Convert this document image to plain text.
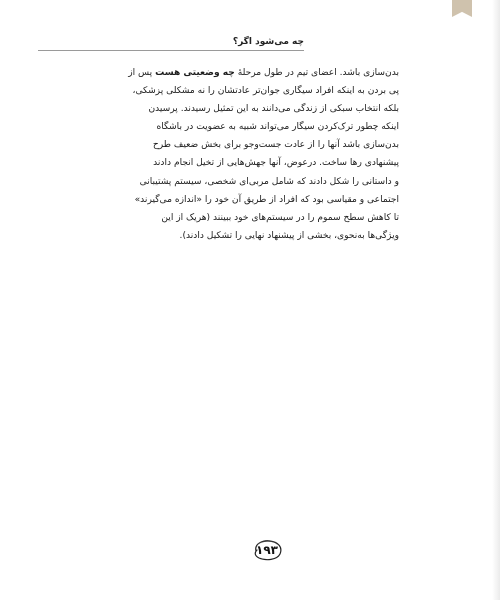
چه می‌شود اگر؟

بدن‌سازی باشد. اعضای تیم در طول مرحلۀ چه وضعیتی هست پس از
پی بردن به اینکه افراد سیگاری جوان‌تر عادتشان را نه مشکلی پزشکی،
بلکه انتخاب سبکی از زندگی می‌دانند به این تمثیل رسیدند. پرسیدن
اینکه چطور ترک‌کردن سیگار می‌تواند شبیه به عضویت در باشگاه
بدن‌سازی باشد آنها را از عادت جست‌وجو برای بخش ضعیف طرح
پیشنهادی رها ساخت. درعوض، آنها جهش‌هایی از تخیل انجام دادند
و داستانی را شکل دادند که شامل مربی‌ای شخصی، سیستم پشتیبانی
اجتماعی و مقیاسی بود که افراد از طریق آن خود را «اندازه می‌گیرند»
تا کاهش سطح سموم را در سیستم‌های خود ببینند (هریک از این
ویژگی‌ها به‌نحوی، بخشی از پیشنهاد نهایی را تشکیل دادند).

۱۹۳
